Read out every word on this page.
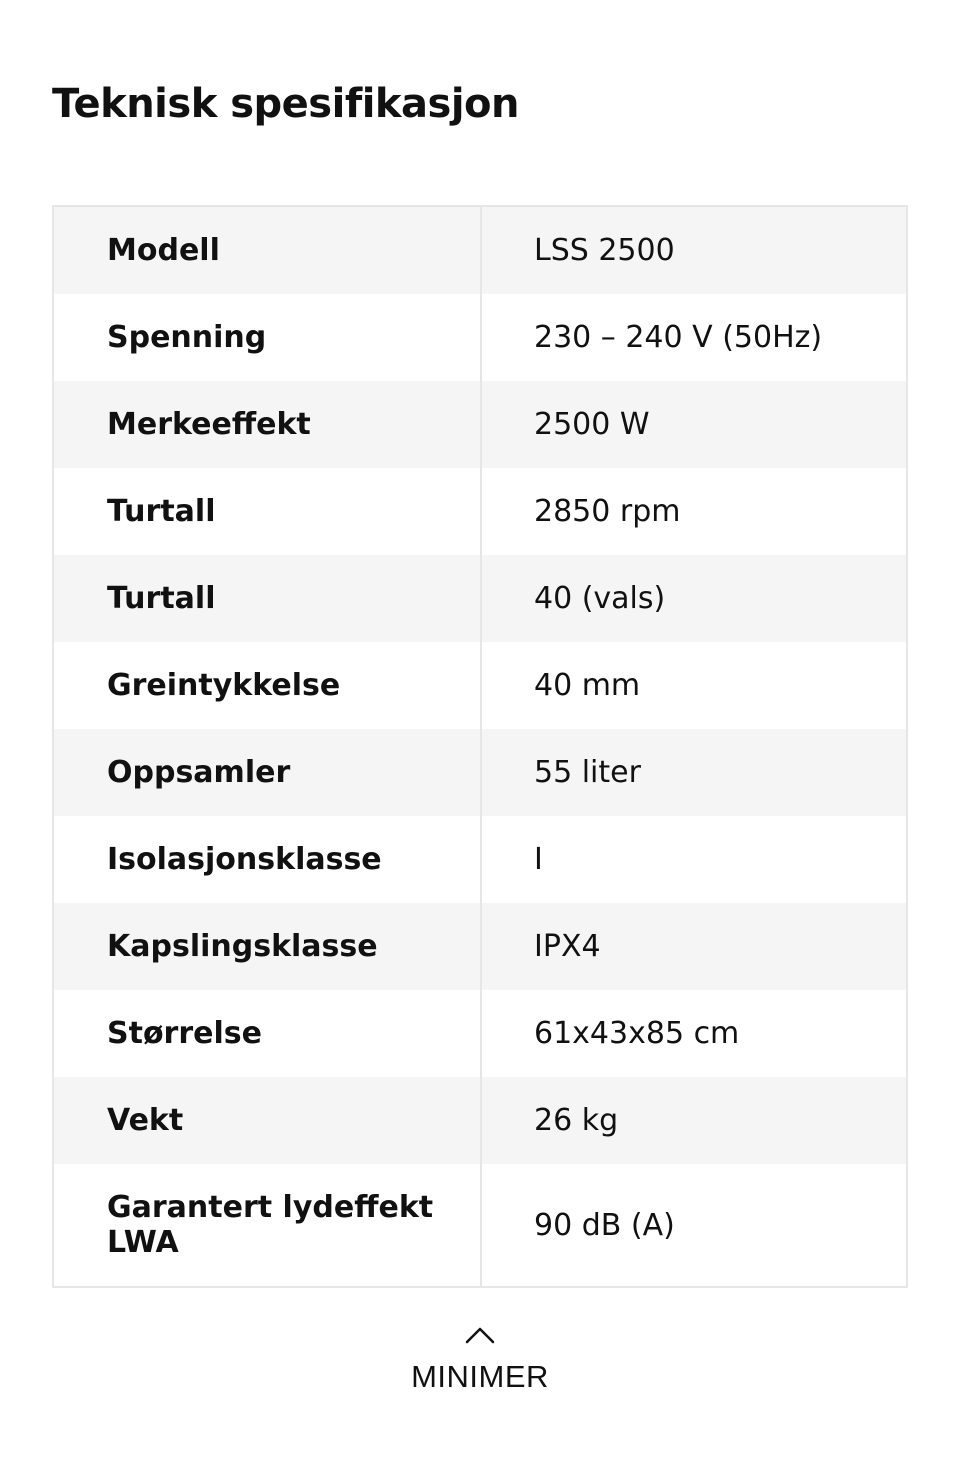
Teknisk spesifikasjon
Modell	LSS 2500
Spenning	230 – 240 V (50Hz)
Merkeeffekt	2500 W
Turtall	2850 rpm
Turtall	40 (vals)
Greintykkelse	40 mm
Oppsamler	55 liter
Isolasjonsklasse	I
Kapslingsklasse	IPX4
Størrelse	61x43x85 cm
Vekt	26 kg
Garantert lydeffekt LWA	90 dB (A)
MINIMER
